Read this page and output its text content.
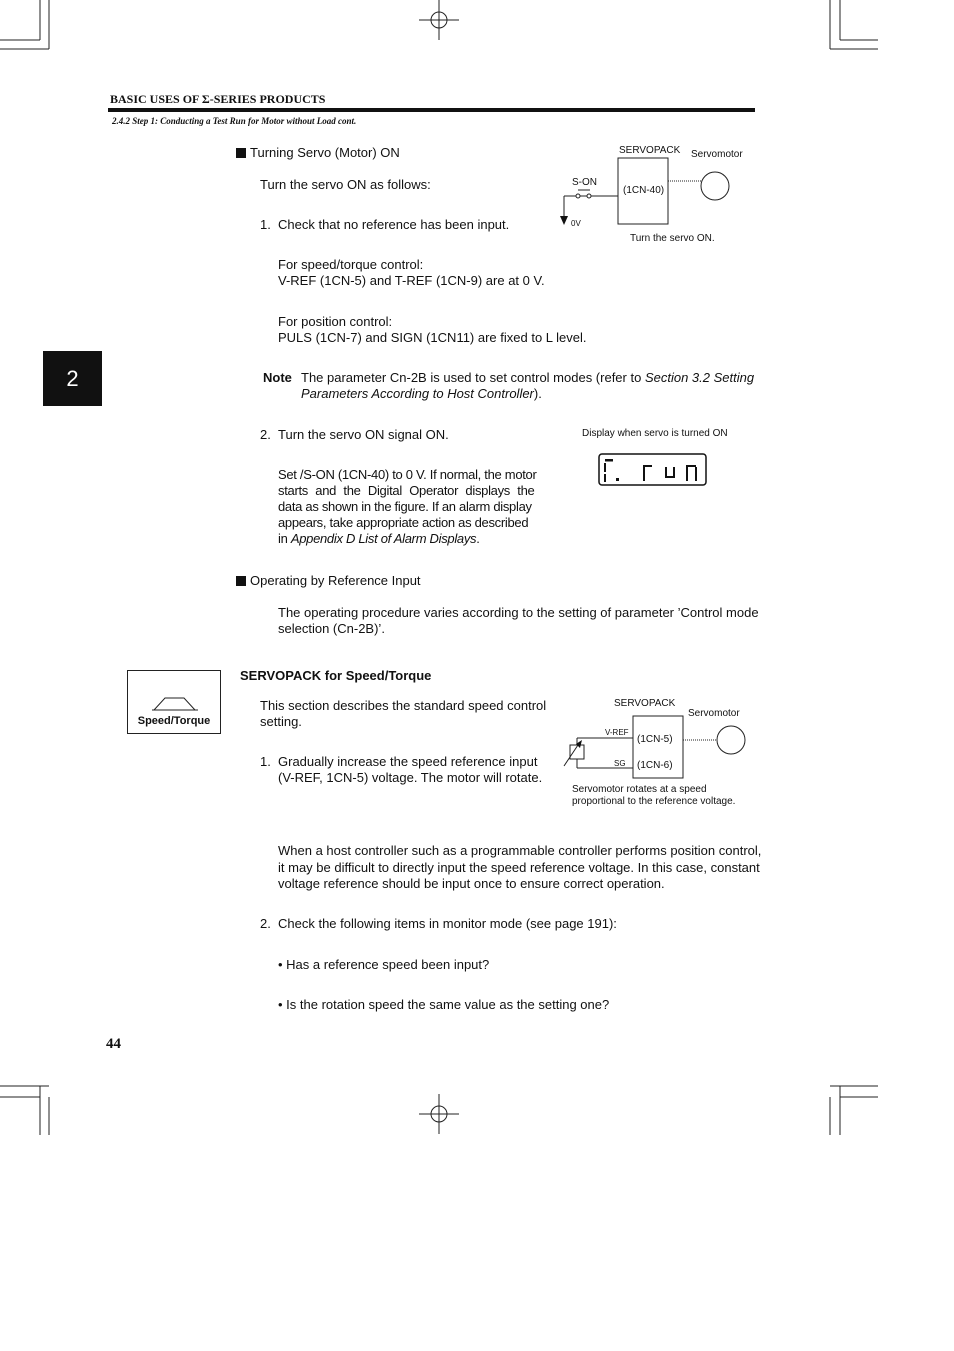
BASIC USES OF Σ-SERIES PRODUCTS
2.4.2 Step 1: Conducting a Test Run for Motor without Load cont.
2
Turning Servo (Motor) ON
Turn the servo ON as follows:
1. Check that no reference has been input.
For speed/torque control:
V-REF (1CN-5) and T-REF (1CN-9) are at 0 V.
For position control:
PULS (1CN-7) and SIGN (1CN11) are fixed to L level.
Note The parameter Cn-2B is used to set control modes (refer to Section 3.2 Setting
Parameters According to Host Controller).
2. Turn the servo ON signal ON.
Set /S-ON (1CN-40) to 0 V. If normal, the motor
starts and the Digital Operator displays the
data as shown in the figure. If an alarm display
appears, take appropriate action as described
in Appendix D List of Alarm Displays.
SERVOPACK Servomotor
S-ON
(1CN-40)
0V
Turn the servo ON.
Display when servo is turned ON
Operating by Reference Input
The operating procedure varies according to the setting of parameter ’Control mode
selection (Cn-2B)’.
Speed/Torque
SERVOPACK for Speed/Torque
This section describes the standard speed control
setting.
1. Gradually increase the speed reference input
(V-REF, 1CN-5) voltage. The motor will rotate.
SERVOPACK
Servomotor
V-REF
SG
(1CN-5)
(1CN-6)
Servomotor rotates at a speed
proportional to the reference voltage.
When a host controller such as a programmable controller performs position control,
it may be difficult to directly input the speed reference voltage. In this case, constant
voltage reference should be input once to ensure correct operation.
2. Check the following items in monitor mode (see page 191):
• Has a reference speed been input?
• Is the rotation speed the same value as the setting one?
44
